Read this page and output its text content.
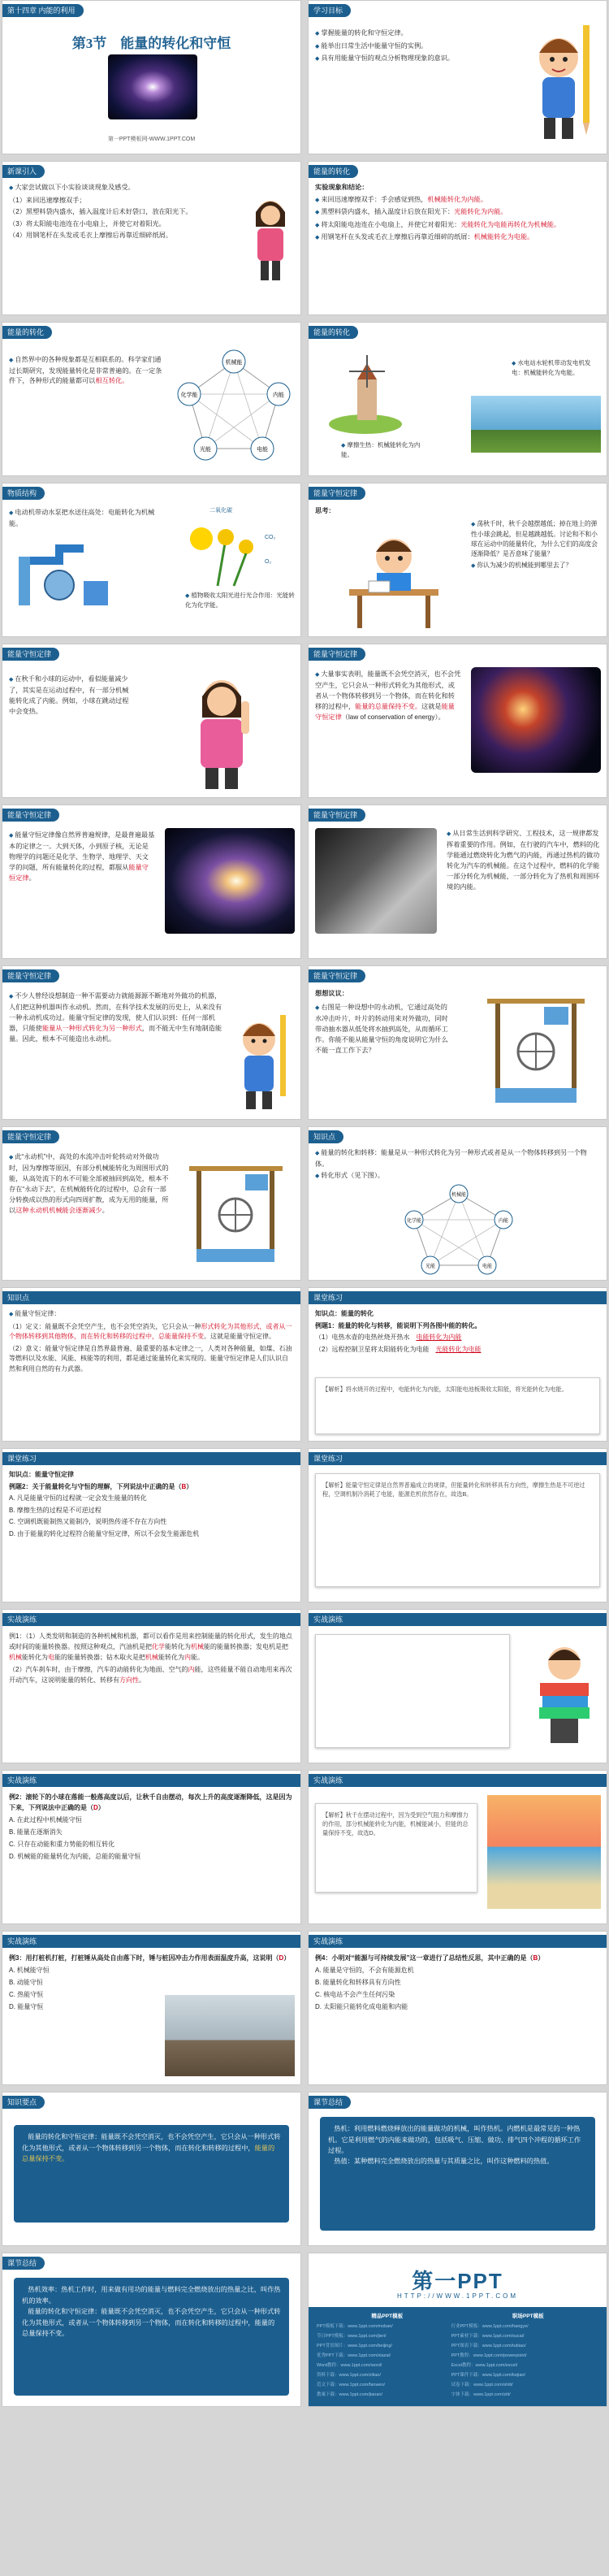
第十四章 内能的利用
第3节　能量的转化和守恒
第一PPT模板网-WWW.1PPT.COM
学习目标

◆ 掌握能量的转化和守恒定律。

◆ 能举出日常生活中能量守恒的实例。

◆ 具有用能量守恒的观点分析物理现象的意识。

新课引入

◆ 大家尝试做以下小实验谈谈现象及感受。

（1）来回迅速摩擦双手；

（2）黑塑料袋内盛水，插入温度计后术好袋口，放在阳光下。

（3）将太阳能电池连在小电扇上，并使它对着阳光。

（4）用钢笔杆在头发或毛衣上摩擦后再靠近细碎纸屑。

能量的转化

实验现象和结论：

◆ 来回迅速摩擦双手：手会感觉到热，机械能转化为内能。

◆ 黑塑料袋内盛水，插入温度计后放在阳光下：光能转化为内能。

◆ 将太阳能电池连在小电扇上，并使它对着阳光：光能转化为电能再转化为机械能。

◆ 用钢笔杆在头发或毛衣上摩擦后再靠近细碎的纸屑：机械能转化为电能。

能量的转化

◆ 自然界中的各种现象都是互相联系的。科学家们通过长期研究，发现能量转化是非常普遍的。在一定条件下，各种形式的能量都可以相互转化。

机械能
内能
电能
光能
化学能
能量的转化

◆ 水电站水轮机带动发电机发电：机械能转化为电能。

◆ 摩擦生热：机械能转化为内能。

物质结构

◆ 电动机带动水泵把水送往高处：电能转化为机械能。

二氧化碳

CO₂
O₂

◆ 植物吸收太阳光进行光合作用：光能转化为化学能。

能量守恒定律

思考：

◆ 荡秋千时，秋千会越摆越低；掉在地上的弹性小球会跳起，但是越跳越低。讨论和不和小球在运动中的能量转化，为什么它们的高度会逐渐降低？是否意味了能量？

◆ 你认为减少的机械能到哪里去了？

能量守恒定律

◆ 在秋千和小球的运动中，看似能量减少了，其实是在运动过程中，有一部分机械能转化成了内能。例如，小球在跳动过程中会变热。

能量守恒定律

◆ 大量事实表明，能量既不会凭空消灭，也不会凭空产生，它只会从一种形式转化为其他形式，或者从一个物体转移到另一个物体，而在转化和转移的过程中，能量的总量保持不变。这就是能量守恒定律（law of conservation of energy）。

能量守恒定律

◆ 能量守恒定律像自然界普遍规律，是最普遍最基本的定律之一。大到天体，小到原子核，无论是物理学的问题还是化学、生物学、地理学、天文学的问题，所有能量转化的过程，都服从能量守恒定律。

能量守恒定律

◆ 从日常生活到科学研究、工程技术，这一规律都发挥着重要的作用。例如，在行驶的汽车中，燃料的化学能通过燃烧转化为燃气的内能，再通过热机的做功转化为汽车的机械能。在这个过程中，燃料的化学能一部分转化为机械能，一部分转化为了热机和周围环境的内能。

能量守恒定律

◆ 不少人曾经设想制造一种不需要动力就能源源不断地对外做功的机器，人们把这种机器叫作永动机。然而，在科学技术发展的历史上，从来没有一种永动机成功过。能量守恒定律的发现，使人们认识到：任何一部机器，只能使能量从一种形式转化为另一种形式，而不能无中生有地制造能量。因此，根本不可能造出永动机。

能量守恒定律

想想议议：

◆ 右图是一种设想中的永动机，它通过高处的水冲击叶片，叶片的转动用来对外做功，同时带动抽水器从低处将水抽到高处，从而循环工作。你能不能从能量守恒的角度说明它为什么不能一直工作下去？

能量守恒定律

◆ 此“永动机”中，高处的水流冲击叶轮转动对外做功时，因为摩擦等原因，有部分机械能转化为周围形式的能，从高处流下的水不可能全部被抽回到高处，根本不存在“永动下去”，在机械能转化的过程中，总会有一部分转换成以热的形式向四周扩散，成为无用的能量，所以这种永动机机械能会逐渐减少。

知识点

◆ 能量的转化和转移：能量是从一种形式转化为另一种形式或者是从一个物体转移到另一个物体。

◆ 转化形式（见下图）。

机械能
内能
电能
光能
化学能
知识点

◆ 能量守恒定律：

（1）定义：能量既不会凭空产生，也不会凭空消失，它只会从一种形式转化为其他形式，或者从一个物体转移到其他物体，而在转化和转移的过程中，总能量保持不变。这就是能量守恒定律。

（2）意义：能量守恒定律是自然界最普遍、最重要的基本定律之一，人类对各种能量，如煤、石油等燃料以及水能、风能、核能等的利用，都是通过能量转化来实现的。能量守恒定律是人们认识自然和利用自然的有力武器。

课堂练习

知识点：能量的转化

例题1：能量的转化与转移，能说明下列各图中能的转化。

（1）电热水壶的电热丝烧开热水　 电能转化为内能

（2）远程控制卫星将太阳能转化为电能　 光能转化为电能

【解析】将水烧开的过程中，电能转化为内能，太阳能电池板吸收太阳能，将光能转化为电能。
课堂练习

知识点：能量守恒定律

例题2：关于能量转化与守恒的理解，下列说法中正确的是（B）

A. 凡是能量守恒的过程就一定会发生能量的转化

B. 摩擦生热的过程是不可逆过程

C. 空调机既能制热又能制冷，说明热传递不存在方向性

D. 由于能量的转化过程符合能量守恒定律，所以不会发生能源危机

课堂练习
【解析】能量守恒定律是自然界普遍成立的规律，但能量转化和转移具有方向性，摩擦生热是不可逆过程，空调机制冷消耗了电能，能源危机依然存在，故选B。
实战演练

例1：（1）人类发明和制造的各种机械和机器，都可以看作是用来控制能量的转化形式，发生的地点或时间的能量转换器。按照这种观点，汽油机是把化学能转化为机械能的能量转换器；发电机是把机械能转化为电能的能量转换器；钻木取火是把机械能转化为内能。

（2）汽车刹车时，由于摩擦，汽车的动能转化为地面、空气的内能，这些能量不能自动地用来再次开动汽车，这说明能量的转化、转移有方向性。

实战演练
实战演练

例2：滚轮下的小球在落能一般落高度以后，让秋千自由摆动，每次上升的高度逐渐降低，这是因为下来，下列说法中正确的是（D）

A. 在此过程中机械能守恒

B. 能量在逐渐消失

C. 只存在动能和重力势能的相互转化

D. 机械能的能量转化为内能，总能的能量守恒

实战演练
【解析】秋千在摆动过程中，因为受到空气阻力和摩擦力的作用，部分机械能转化为内能，机械能减小，但能的总量保持不变，故选D。
实战演练

例3：用打桩机打桩，打桩锤从高处自由落下时，锤与桩因冲击力作用表面温度升高，这说明（D）

A. 机械能守恒

B. 动能守恒

C. 热能守恒

D. 能量守恒

实战演练

例4：小明对“能源与可持续发展”这一章进行了总结性反思，其中正确的是（B）

A. 能量是守恒的，不会有能源危机

B. 能量转化和转移具有方向性

C. 核电站不会产生任何污染

D. 太阳能只能转化成电能和内能

知识要点

◆ 能量的转化和守恒定律：能量既不会凭空消灭，也不会凭空产生，它只会从一种形式转化为其他形式，或者从一个物体转移到另一个物体，而在转化和转移的过程中，能量的总量保持不变。

课节总结

◆ 热机：利用燃料燃烧释放出的能量做功的机械，叫作热机。内燃机是最常见的一种热机。它是利用燃气的内能来做功的，包括吸气、压缩、做功、排气四个冲程的循环工作过程。

◆ 热值：某种燃料完全燃烧放出的热量与其质量之比，叫作这种燃料的热值。

课节总结

◆ 热机效率：热机工作时，用来做有用功的能量与燃料完全燃烧放出的热量之比，叫作热机的效率。

◆ 能量的转化和守恒定律：能量既不会凭空消灭，也不会凭空产生，它只会从一种形式转化为其他形式，或者从一个物体转移到另一个物体，而在转化和转移的过程中，能量的总量保持不变。

第一PPT
HTTP://WWW.1PPT.COM
精品PPT模板	职场PPT模板
PPT模板下载：www.1ppt.com/moban/	行业PPT模板：www.1ppt.com/hangye/
节日PPT模板：www.1ppt.com/jieri/	PPT素材下载：www.1ppt.com/sucai/
PPT背景图片：www.1ppt.com/beijing/	PPT图表下载：www.1ppt.com/tubiao/
优秀PPT下载：www.1ppt.com/xiazai/	PPT教程：www.1ppt.com/powerpoint/
Word教程：www.1ppt.com/word/	Excel教程：www.1ppt.com/excel/
资料下载：www.1ppt.com/ziliao/	PPT课件下载：www.1ppt.com/kejian/
范文下载：www.1ppt.com/fanwen/	试卷下载：www.1ppt.com/shiti/
教案下载：www.1ppt.com/jiaoan/	字体下载：www.1ppt.com/ziti/
